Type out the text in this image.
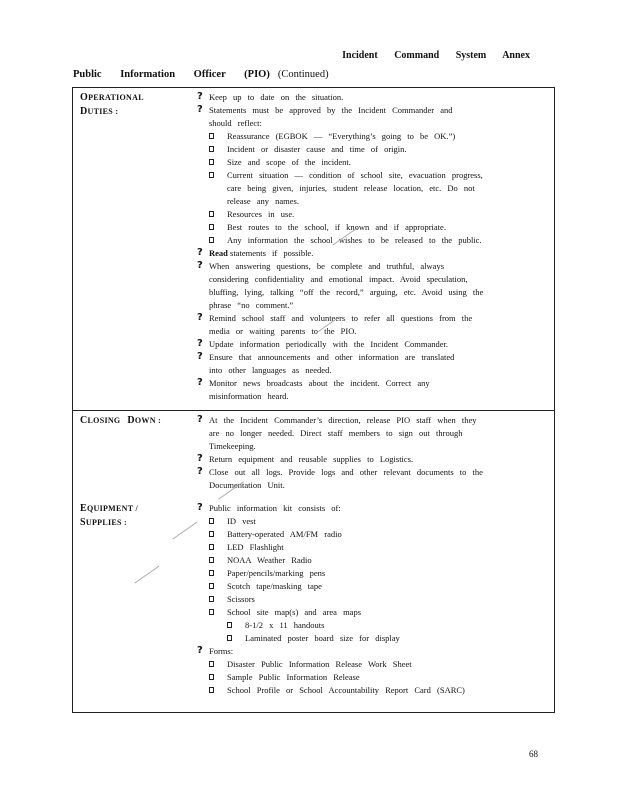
Incident Command System Annex
Public Information Officer (PIO) (Continued)
OPERATIONAL
DUTIES :
? Keep up to date on the situation.
? Statements must be approved by the Incident Commander and
should reflect:
Reassurance (EGBOK — “Everything’s going to be OK.”)
Incident or disaster cause and time of origin.
Size and scope of the incident.
Current situation — condition of school site, evacuation progress,
care being given, injuries, student release location, etc. Do not
release any names.
Resources in use.
Best routes to the school, if known and if appropriate.
Any information the school wishes to be released to the public.
? Read statements if possible.
? When answering questions, be complete and truthful, always
considering confidentiality and emotional impact. Avoid speculation,
bluffing, lying, talking “off the record,” arguing, etc. Avoid using the
phrase “no comment.”
? Remind school staff and volunteers to refer all questions from the
media or waiting parents to the PIO.
? Update information periodically with the Incident Commander.
? Ensure that announcements and other information are translated
into other languages as needed.
? Monitor news broadcasts about the incident. Correct any
misinformation heard.
CLOSING DOWN :	? At the Incident Commander’s direction, release PIO staff when they
are no longer needed. Direct staff members to sign out through
Timekeeping.
? Return equipment and reusable supplies to Logistics.
? Close out all logs. Provide logs and other relevant documents to the
Documentation Unit.
EQUIPMENT /
SUPPLIES :
? Public information kit consists of:
ID vest
Battery-operated AM/FM radio
LED Flashlight
NOAA Weather Radio
Paper/pencils/marking pens
Scotch tape/masking tape
Scissors
School site map(s) and area maps
8-1/2 x 11 handouts
Laminated poster board size for display
? Forms:
Disaster Public Information Release Work Sheet
Sample Public Information Release
School Profile or School Accountability Report Card (SARC)
68
